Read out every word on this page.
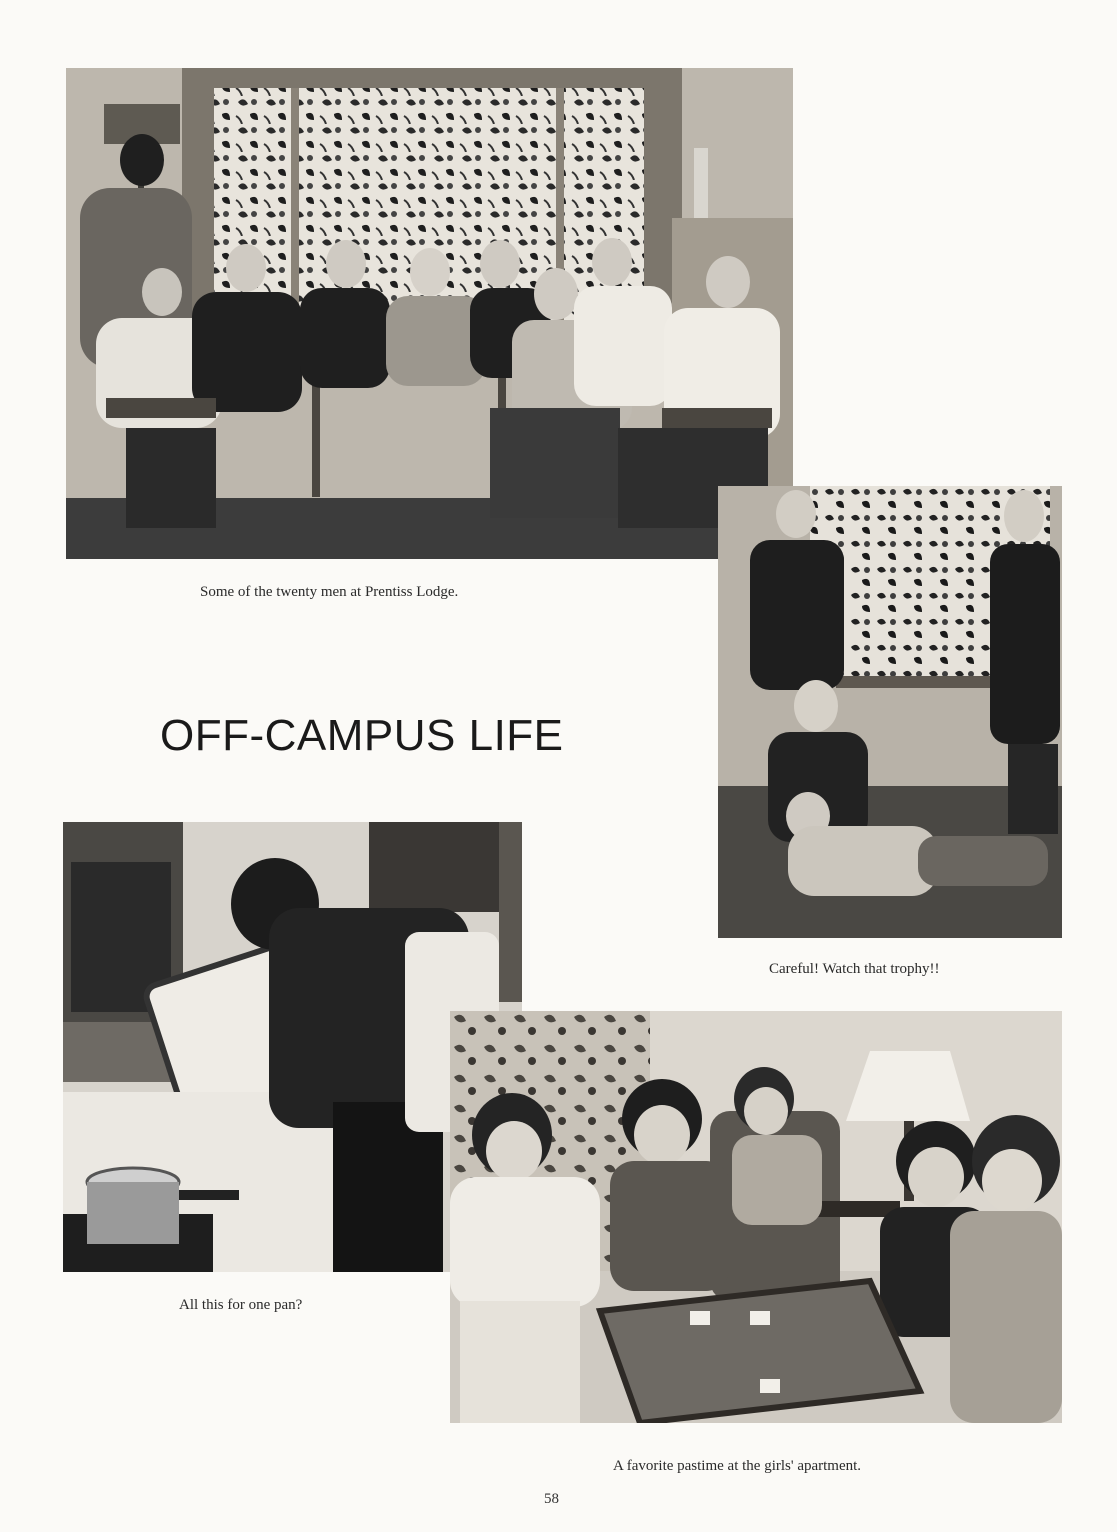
Some of the twenty men at Prentiss Lodge.
Careful! Watch that trophy!!
OFF-CAMPUS LIFE
All this for one pan?
A favorite pastime at the girls' apartment.
58
